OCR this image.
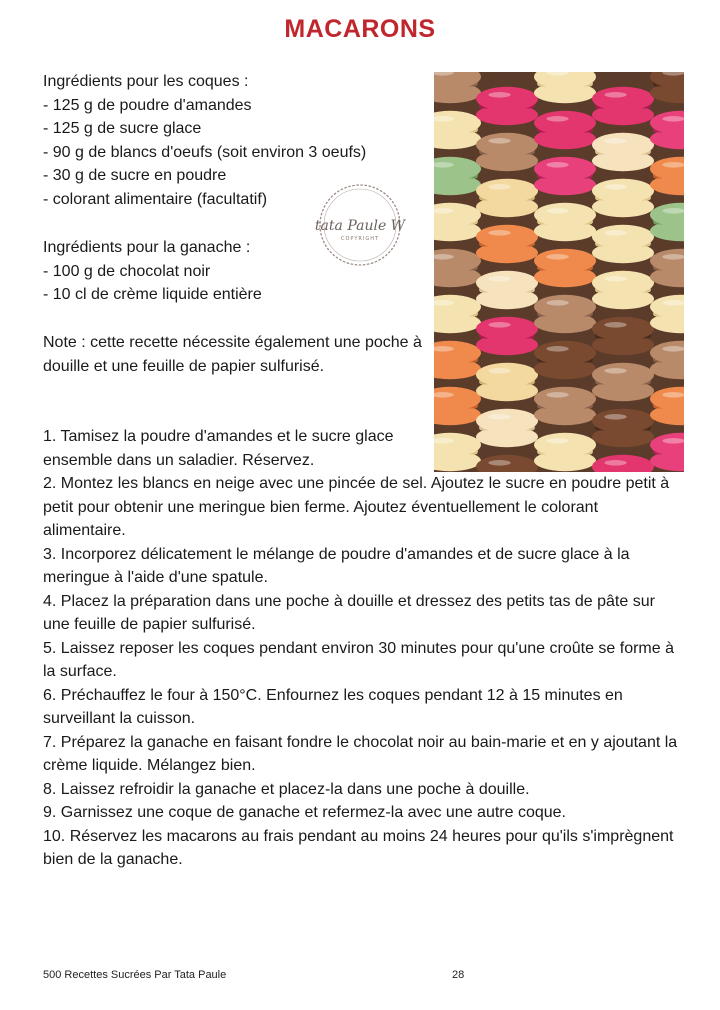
MACARONS
Ingrédients pour les coques :
- 125 g de poudre d'amandes
- 125 g de sucre glace
- 90 g de blancs d'oeufs (soit environ 3 oeufs)
- 30 g de sucre en poudre
- colorant alimentaire (facultatif)
Ingrédients pour la ganache :
- 100 g de chocolat noir
- 10 cl de crème liquide entière
Note : cette recette nécessite également une poche à douille et une feuille de papier sulfurisé.
1. Tamisez la poudre d'amandes et le sucre glace ensemble dans un saladier. Réservez.
2. Montez les blancs en neige avec une pincée de sel. Ajoutez le sucre en poudre petit à petit pour obtenir une meringue bien ferme. Ajoutez éventuellement le colorant alimentaire.
3. Incorporez délicatement le mélange de poudre d'amandes et de sucre glace à la meringue à l'aide d'une spatule.
4. Placez la préparation dans une poche à douille et dressez des petits tas de pâte sur une feuille de papier sulfurisé.
5. Laissez reposer les coques pendant environ 30 minutes pour qu'une croûte se forme à la surface.
6. Préchauffez le four à 150°C. Enfournez les coques pendant 12 à 15 minutes en surveillant la cuisson.
7. Préparez la ganache en faisant fondre le chocolat noir au bain-marie et en y ajoutant la crème liquide. Mélangez bien.
8. Laissez refroidir la ganache et placez-la dans une poche à douille.
9. Garnissez une coque de ganache et refermez-la avec une autre coque.
10. Réservez les macarons au frais pendant au moins 24 heures pour qu'ils s'imprègnent bien de la ganache.
tata Paule W
COPYRIGHT
500 Recettes Sucrées Par Tata Paule	28
